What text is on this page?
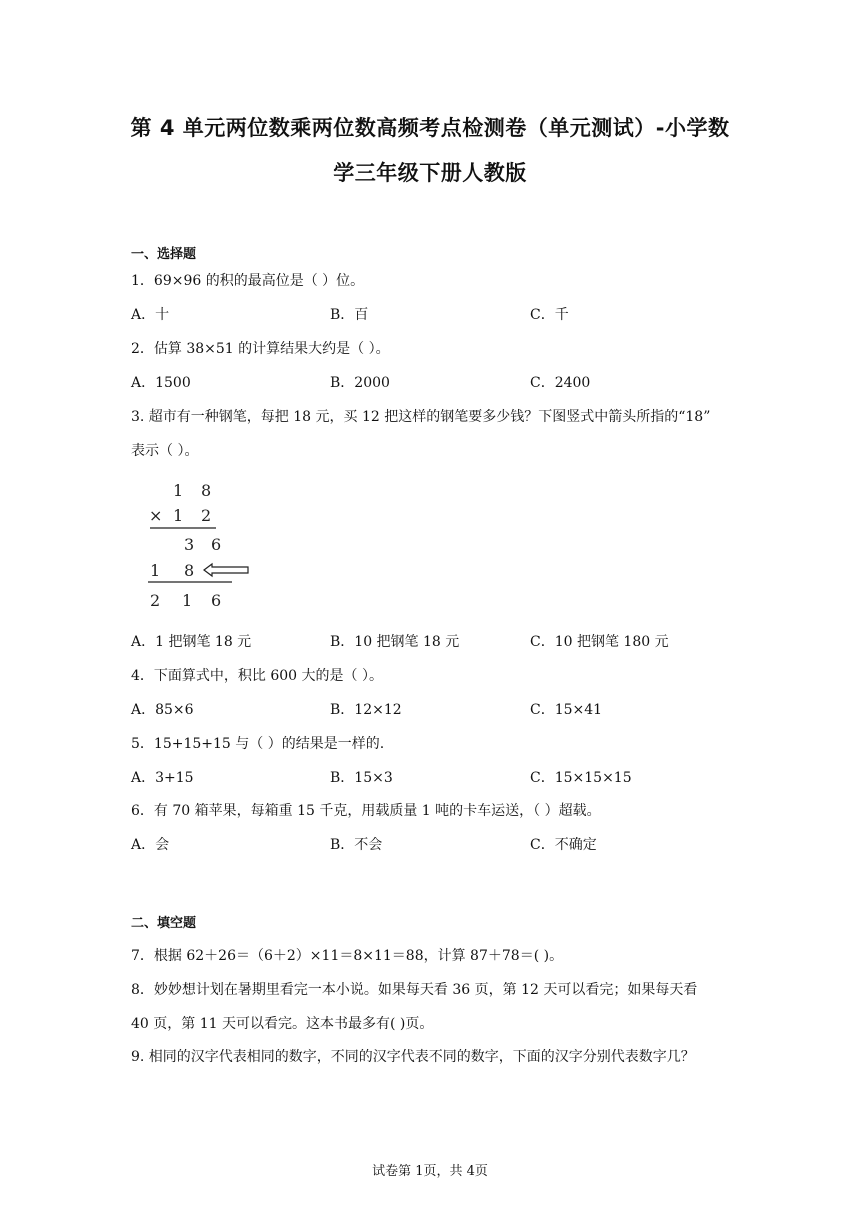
第 4 单元两位数乘两位数高频考点检测卷（单元测试）-小学数
学三年级下册人教版
一、选择题
1．69×96 的积的最高位是（ ）位。
A．十	B．百	C．千
2．估算 38×51 的计算结果大约是（ ）。
A．1500	B．2000	C．2400
3. 超市有一种钢笔，每把 18 元，买 12 把这样的钢笔要多少钱？下图竖式中箭头所指的“18”
表示（ ）。
1 8
× 1 2
3 6
1 8
2 1 6
A．1 把钢笔 18 元	B．10 把钢笔 18 元	C．10 把钢笔 180 元
4．下面算式中，积比 600 大的是（ ）。
A．85×6	B．12×12	C．15×41
5．15+15+15 与（ ）的结果是一样的.
A．3+15	B．15×3	C．15×15×15
6．有 70 箱苹果，每箱重 15 千克，用载质量 1 吨的卡车运送，（ ）超载。
A．会	B．不会	C．不确定
二、填空题
7．根据 62＋26＝（6＋2）×11＝8×11＝88，计算 87＋78＝( )。
8．妙妙想计划在暑期里看完一本小说。如果每天看 36 页，第 12 天可以看完；如果每天看
40 页，第 11 天可以看完。这本书最多有( )页。
9. 相同的汉字代表相同的数字，不同的汉字代表不同的数字，下面的汉字分别代表数字几？
试卷第 1页，共 4页
